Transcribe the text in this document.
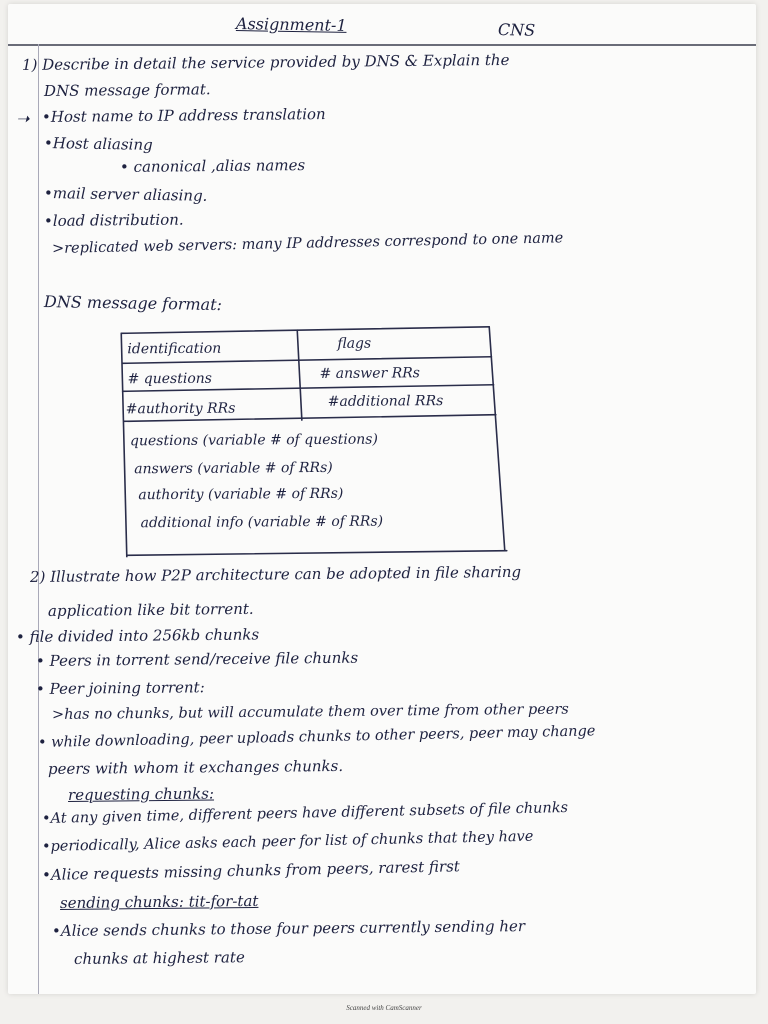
Assignment-1	CNS
1) Describe in detail the service provided by DNS & Explain the
DNS message format.
➝ •Host name to IP address translation
•Host aliasing
• canonical ,alias names
•mail server aliasing.
•load distribution.
>replicated web servers: many IP addresses correspond to one name
DNS message format:
identification	flags
# questions	# answer RRs
#authority RRs	#additional RRs
questions (variable # of questions)
answers (variable # of RRs)
authority (variable # of RRs)
additional info (variable # of RRs)
2) Illustrate how P2P architecture can be adopted in file sharing
application like bit torrent.
• file divided into 256kb chunks
• Peers in torrent send/receive file chunks
• Peer joining torrent:
>has no chunks, but will accumulate them over time from other peers
• while downloading, peer uploads chunks to other peers, peer may change
peers with whom it exchanges chunks.
requesting chunks:
•At any given time, different peers have different subsets of file chunks
•periodically, Alice asks each peer for list of chunks that they have
•Alice requests missing chunks from peers, rarest first
sending chunks: tit-for-tat
•Alice sends chunks to those four peers currently sending her
chunks at highest rate
Scanned with CamScanner
